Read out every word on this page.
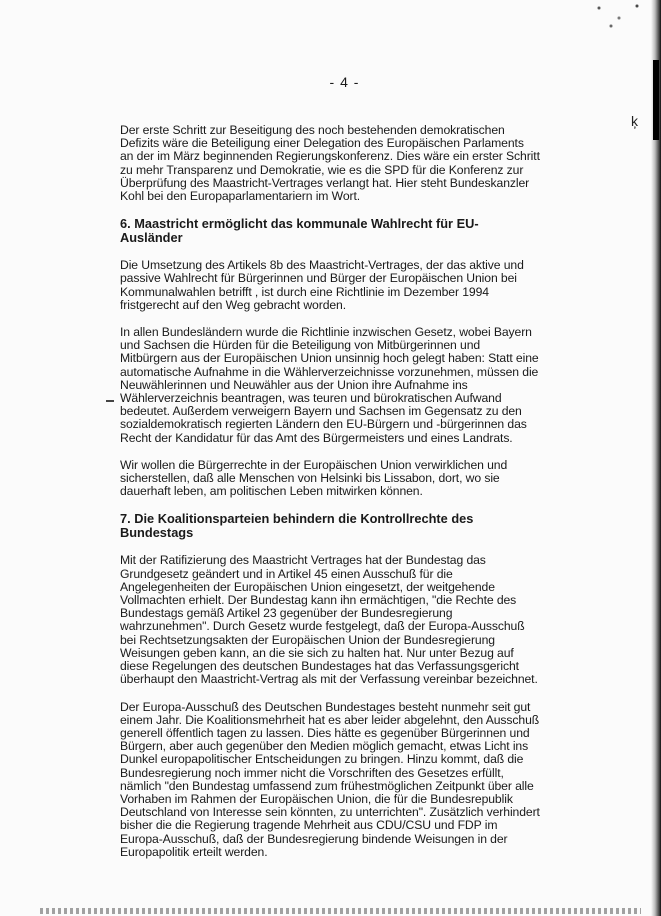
ķ
- 4 -

Der erste Schritt zur Beseitigung des noch bestehenden demokratischen Defizits wäre die Beteiligung einer Delegation des Europäischen Parlaments an der im März beginnenden Regierungskonferenz. Dies wäre ein erster Schritt zu mehr Transparenz und Demokratie, wie es die SPD für die Konferenz zur Überprüfung des Maastricht-Vertrages verlangt hat. Hier steht Bundeskanzler Kohl bei den Europaparlamentariern im Wort.

6. Maastricht ermöglicht das kommunale Wahlrecht für EU-Ausländer

Die Umsetzung des Artikels 8b des Maastricht-Vertrages, der das aktive und passive Wahlrecht für Bürgerinnen und Bürger der Europäischen Union bei Kommunalwahlen betrifft , ist durch eine Richtlinie im Dezember 1994 fristgerecht auf den Weg gebracht worden.

In allen Bundesländern wurde die Richtlinie inzwischen Gesetz, wobei Bayern und Sachsen die Hürden für die Beteiligung von Mitbürgerinnen und Mitbürgern aus der Europäischen Union unsinnig hoch gelegt haben: Statt eine automatische Aufnahme in die Wählerverzeichnisse vorzunehmen, müssen die Neuwählerinnen und Neuwähler aus der Union ihre Aufnahme ins Wählerverzeichnis beantragen, was teuren und bürokratischen Aufwand bedeutet. Außerdem verweigern Bayern und Sachsen im Gegensatz zu den sozialdemokratisch regierten Ländern den EU-Bürgern und -bürgerinnen das Recht der Kandidatur für das Amt des Bürgermeisters und eines Landrats.

Wir wollen die Bürgerrechte in der Europäischen Union verwirklichen und sicherstellen, daß alle Menschen von Helsinki bis Lissabon, dort, wo sie dauerhaft leben, am politischen Leben mitwirken können.

7. Die Koalitionsparteien behindern die Kontrollrechte des Bundestags

Mit der Ratifizierung des Maastricht Vertrages hat der Bundestag das Grundgesetz geändert und in Artikel 45 einen Ausschuß für die Angelegenheiten der Europäischen Union eingesetzt, der weitgehende Vollmachten erhielt. Der Bundestag kann ihn ermächtigen, "die Rechte des Bundestags gemäß Artikel 23 gegenüber der Bundesregierung wahrzunehmen". Durch Gesetz wurde festgelegt, daß der Europa-Ausschuß bei Rechtsetzungsakten der Europäischen Union der Bundesregierung Weisungen geben kann, an die sie sich zu halten hat. Nur unter Bezug auf diese Regelungen des deutschen Bundestages hat das Verfassungsgericht überhaupt den Maastricht-Vertrag als mit der Verfassung vereinbar bezeichnet.

Der Europa-Ausschuß des Deutschen Bundestages besteht nunmehr seit gut einem Jahr. Die Koalitionsmehrheit hat es aber leider abgelehnt, den Ausschuß generell öffentlich tagen zu lassen. Dies hätte es gegenüber Bürgerinnen und Bürgern, aber auch gegenüber den Medien möglich gemacht, etwas Licht ins Dunkel europapolitischer Entscheidungen zu bringen. Hinzu kommt, daß die Bundesregierung noch immer nicht die Vorschriften des Gesetzes erfüllt, nämlich "den Bundestag umfassend zum frühestmöglichen Zeitpunkt über alle Vorhaben im Rahmen der Europäischen Union, die für die Bundesrepublik Deutschland von Interesse sein könnten, zu unterrichten". Zusätzlich verhindert bisher die die Regierung tragende Mehrheit aus CDU/CSU und FDP im Europa-Ausschuß, daß der Bundesregierung bindende Weisungen in der Europapolitik erteilt werden.
